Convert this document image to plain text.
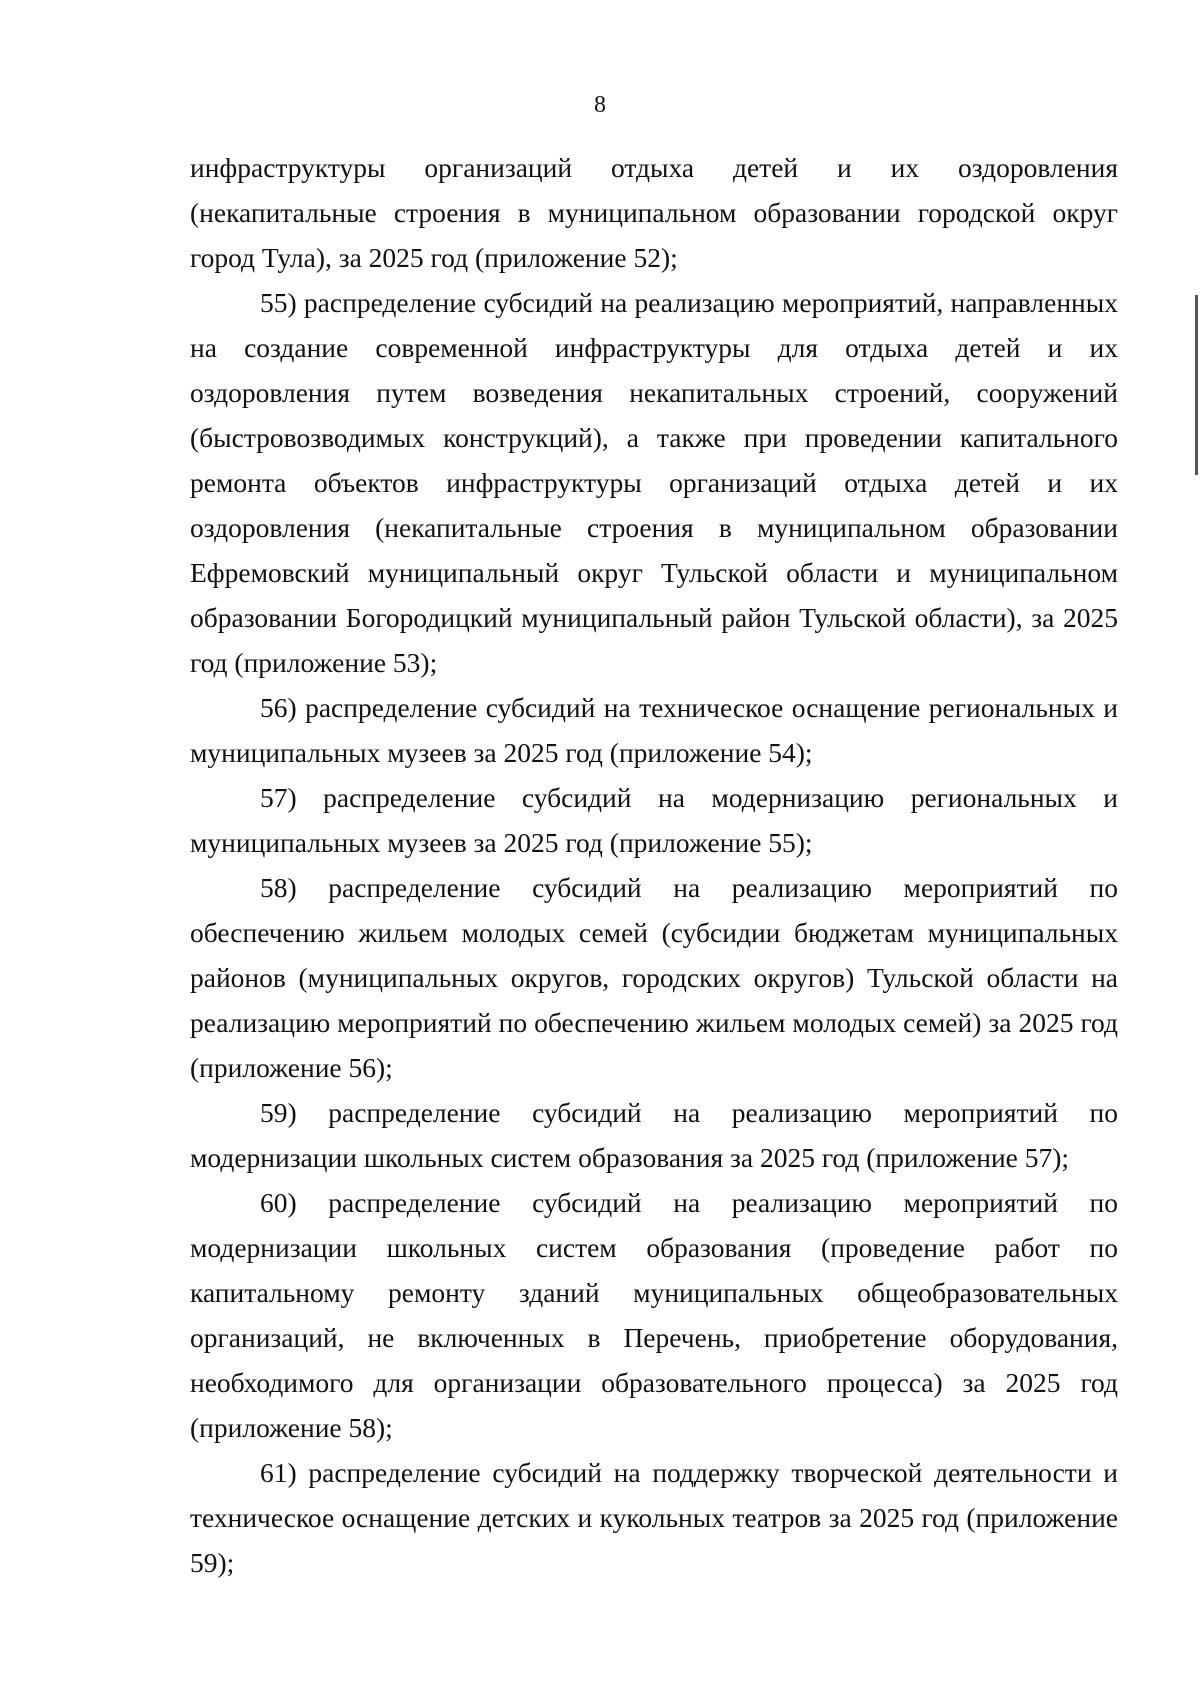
8

инфраструктуры организаций отдыха детей и их оздоровления (некапитальные строения в муниципальном образовании городской округ город Тула), за 2025 год (приложение 52);

55) распределение субсидий на реализацию мероприятий, направленных на создание современной инфраструктуры для отдыха детей и их оздоровления путем возведения некапитальных строений, сооружений (быстровозводимых конструкций), а также при проведении капитального ремонта объектов инфраструктуры организаций отдыха детей и их оздоровления (некапитальные строения в муниципальном образовании Ефремовский муниципальный округ Тульской области и муниципальном образовании Богородицкий муниципальный район Тульской области), за 2025 год (приложение 53);

56) распределение субсидий на техническое оснащение региональных и муниципальных музеев за 2025 год (приложение 54);

57) распределение субсидий на модернизацию региональных и муниципальных музеев за 2025 год (приложение 55);

58) распределение субсидий на реализацию мероприятий по обеспечению жильем молодых семей (субсидии бюджетам муниципальных районов (муниципальных округов, городских округов) Тульской области на реализацию мероприятий по обеспечению жильем молодых семей) за 2025 год (приложение 56);

59) распределение субсидий на реализацию мероприятий по модернизации школьных систем образования за 2025 год (приложение 57);

60) распределение субсидий на реализацию мероприятий по модернизации школьных систем образования (проведение работ по капитальному ремонту зданий муниципальных общеобразовательных организаций, не включенных в Перечень, приобретение оборудования, необходимого для организации образовательного процесса) за 2025 год (приложение 58);

61) распределение субсидий на поддержку творческой деятельности и техническое оснащение детских и кукольных театров за 2025 год (приложение 59);
